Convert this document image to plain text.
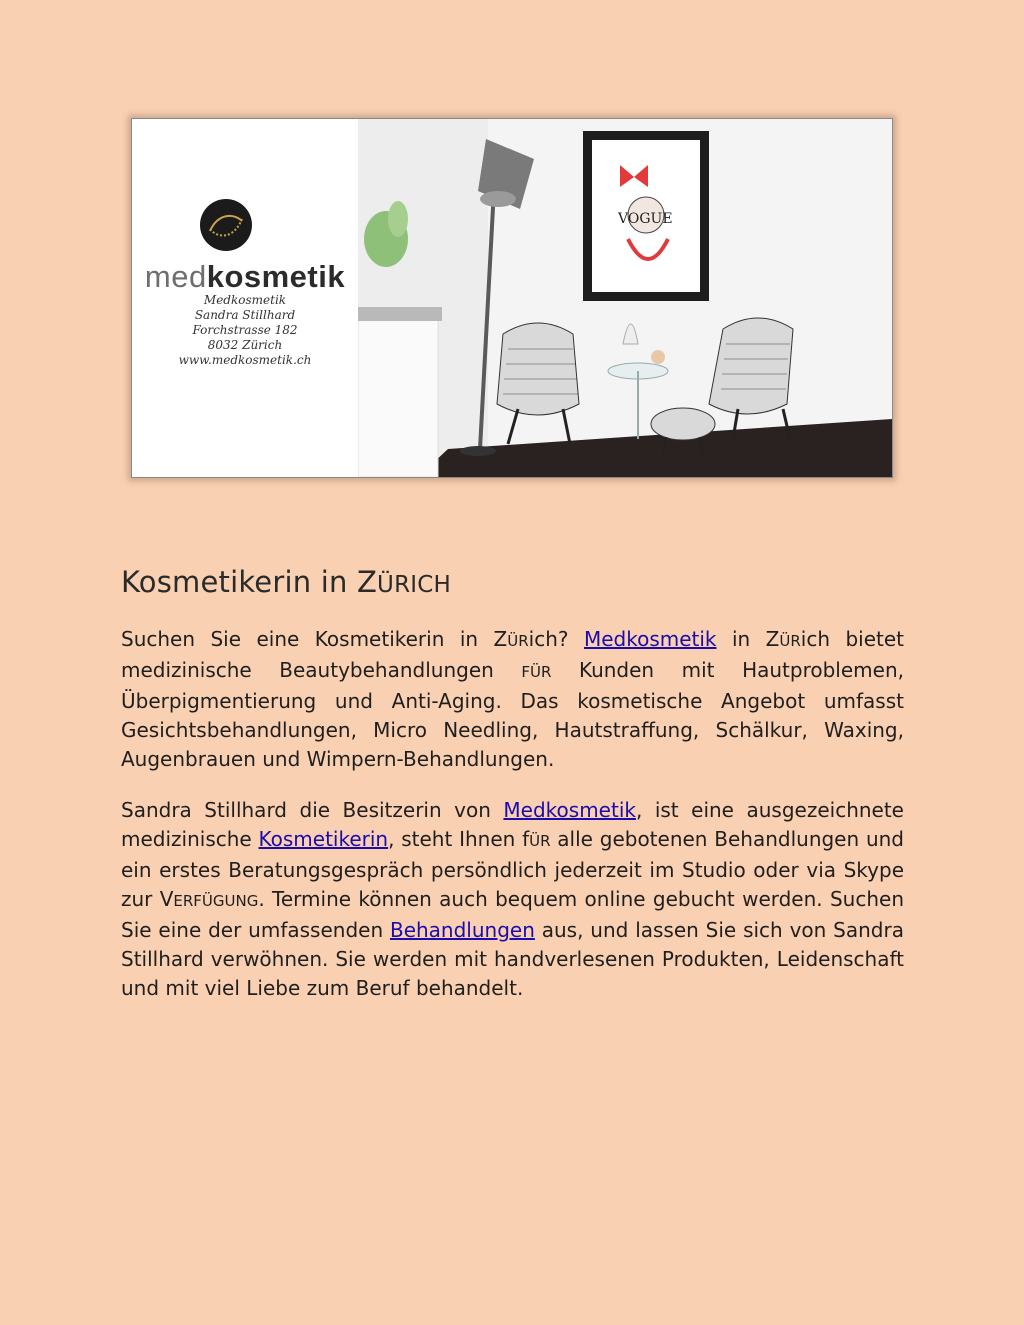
medkosmetik
Medkosmetik
Sandra Stillhard
Forchstrasse 182
8032 Zürich
www.medkosmetik.ch
VOGUE
Kosmetikerin in ZÜRICH

Suchen Sie eine Kosmetikerin in ZÜRich? Medkosmetik in ZÜRich bietet medizinische Beautybehandlungen FÜR Kunden mit Hautproblemen, Überpigmentierung und Anti-Aging. Das kosmetische Angebot umfasst Gesichtsbehandlungen, Micro Needling, Hautstraffung, Schälkur, Waxing, Augenbrauen und Wimpern-Behandlungen.

Sandra Stillhard die Besitzerin von Medkosmetik, ist eine ausgezeichnete medizinische Kosmetikerin, steht Ihnen fÜR alle gebotenen Behandlungen und ein erstes Beratungsgespräch persöndlich jederzeit im Studio oder via Skype zur VERFÜGUNG. Termine können auch bequem online gebucht werden. Suchen Sie eine der umfassenden Behandlungen aus, und lassen Sie sich von Sandra Stillhard verwöhnen. Sie werden mit handverlesenen Produkten, Leidenschaft und mit viel Liebe zum Beruf behandelt.
